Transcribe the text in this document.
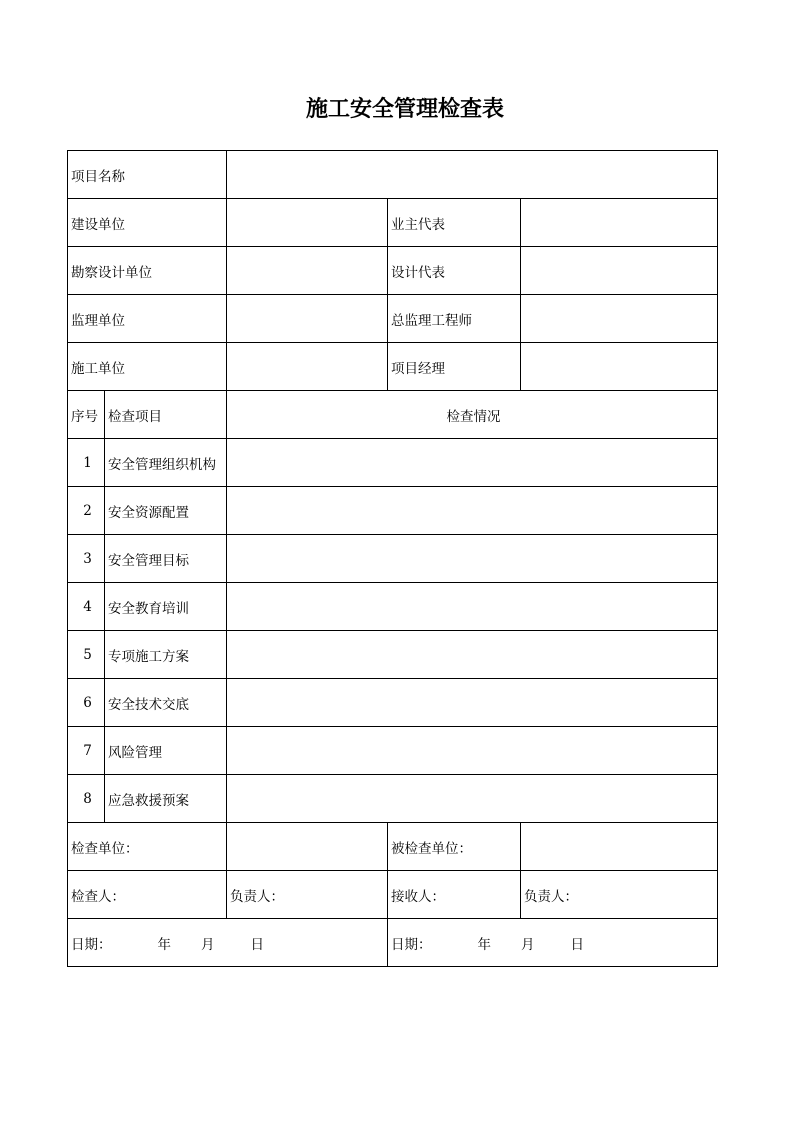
施工安全管理检查表
项目名称				
建设单位			业主代表	
勘察设计单位			设计代表	
监理单位			总监理工程师	
施工单位			项目经理	
序号	检查项目	检查情况		
1	安全管理组织机构			
2	安全资源配置			
3	安全管理目标			
4	安全教育培训			
5	专项施工方案			
6	安全技术交底			
7	风险管理			
8	应急救援预案			
检查单位：			被检查单位：	
检查人：		负责人：	接收人：	负责人：
日期： 年 月 日			日期： 年 月 日	
